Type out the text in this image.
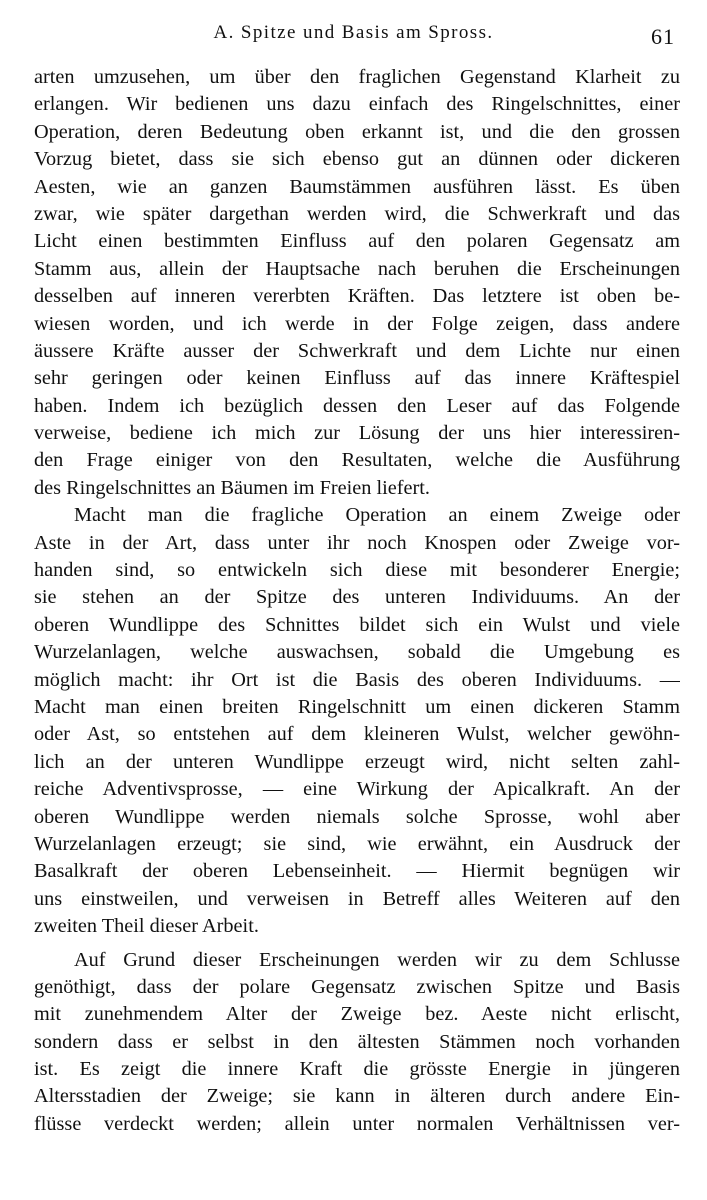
A. Spitze und Basis am Spross.	61
arten umzusehen, um über den fraglichen Gegenstand Klarheit zu
erlangen. Wir bedienen uns dazu einfach des Ringelschnittes, einer
Operation, deren Bedeutung oben erkannt ist, und die den grossen
Vorzug bietet, dass sie sich ebenso gut an dünnen oder dickeren
Aesten, wie an ganzen Baumstämmen ausführen lässt. Es üben
zwar, wie später dargethan werden wird, die Schwerkraft und das
Licht einen bestimmten Einfluss auf den polaren Gegensatz am
Stamm aus, allein der Hauptsache nach beruhen die Erscheinungen
desselben auf inneren vererbten Kräften. Das letztere ist oben be-
wiesen worden, und ich werde in der Folge zeigen, dass andere
äussere Kräfte ausser der Schwerkraft und dem Lichte nur einen
sehr geringen oder keinen Einfluss auf das innere Kräftespiel
haben. Indem ich bezüglich dessen den Leser auf das Folgende
verweise, bediene ich mich zur Lösung der uns hier interessiren-
den Frage einiger von den Resultaten, welche die Ausführung
des Ringelschnittes an Bäumen im Freien liefert.
Macht man die fragliche Operation an einem Zweige oder
Aste in der Art, dass unter ihr noch Knospen oder Zweige vor-
handen sind, so entwickeln sich diese mit besonderer Energie;
sie stehen an der Spitze des unteren Individuums. An der
oberen Wundlippe des Schnittes bildet sich ein Wulst und viele
Wurzelanlagen, welche auswachsen, sobald die Umgebung es
möglich macht: ihr Ort ist die Basis des oberen Individuums. —
Macht man einen breiten Ringelschnitt um einen dickeren Stamm
oder Ast, so entstehen auf dem kleineren Wulst, welcher gewöhn-
lich an der unteren Wundlippe erzeugt wird, nicht selten zahl-
reiche Adventivsprosse, — eine Wirkung der Apicalkraft. An der
oberen Wundlippe werden niemals solche Sprosse, wohl aber
Wurzelanlagen erzeugt; sie sind, wie erwähnt, ein Ausdruck der
Basalkraft der oberen Lebenseinheit. — Hiermit begnügen wir
uns einstweilen, und verweisen in Betreff alles Weiteren auf den
zweiten Theil dieser Arbeit.
Auf Grund dieser Erscheinungen werden wir zu dem Schlusse
genöthigt, dass der polare Gegensatz zwischen Spitze und Basis
mit zunehmendem Alter der Zweige bez. Aeste nicht erlischt,
sondern dass er selbst in den ältesten Stämmen noch vorhanden
ist. Es zeigt die innere Kraft die grösste Energie in jüngeren
Altersstadien der Zweige; sie kann in älteren durch andere Ein-
flüsse verdeckt werden; allein unter normalen Verhältnissen ver-
